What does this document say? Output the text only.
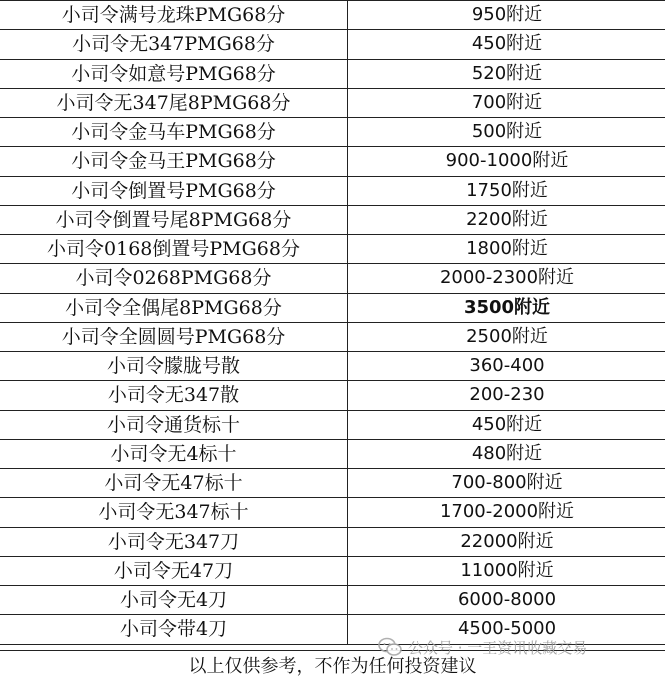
小司令满号龙珠PMG68分	950附近
小司令无347PMG68分	450附近
小司令如意号PMG68分	520附近
小司令无347尾8PMG68分	700附近
小司令金马车PMG68分	500附近
小司令金马王PMG68分	900-1000附近
小司令倒置号PMG68分	1750附近
小司令倒置号尾8PMG68分	2200附近
小司令0168倒置号PMG68分	1800附近
小司令0268PMG68分	2000-2300附近
小司令全偶尾8PMG68分	3500附近
小司令全圆圆号PMG68分	2500附近
小司令朦胧号散	360-400
小司令无347散	200-230
小司令通货标十	450附近
小司令无4标十	480附近
小司令无47标十	700-800附近
小司令无347标十	1700-2000附近
小司令无347刀	22000附近
小司令无47刀	11000附近
小司令无4刀	6000-8000
小司令带4刀	4500-5000
以上仅供参考，不作为任何投资建议
公众号 · 一王资讯收藏交易
